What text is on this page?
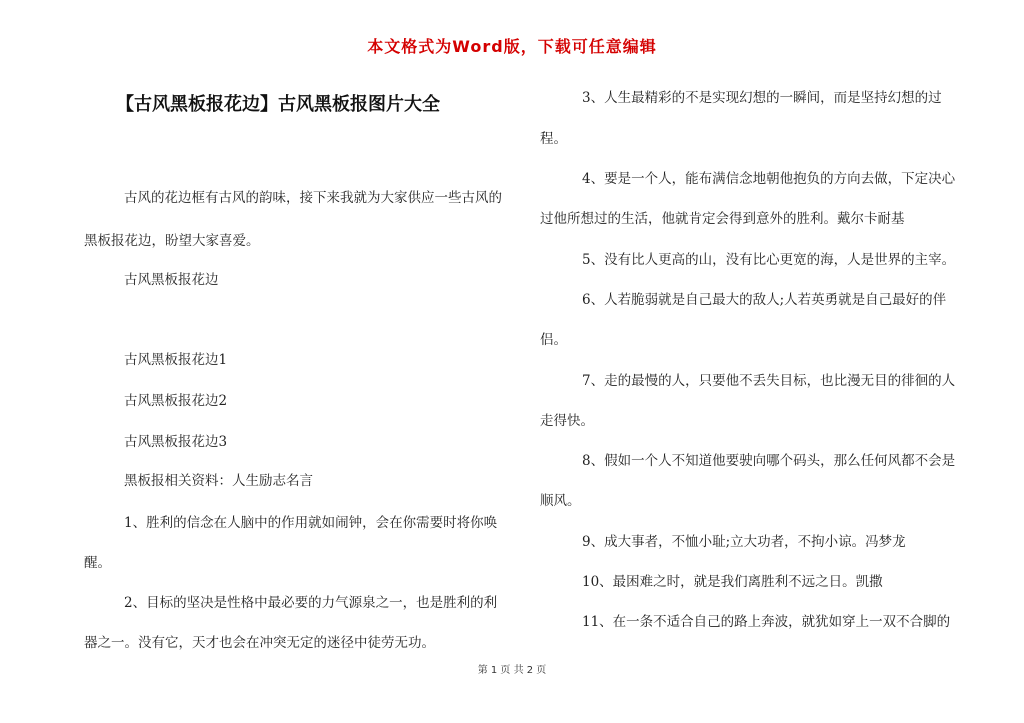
本文格式为Word版，下载可任意编辑
【古风黑板报花边】古风黑板报图片大全
古风的花边框有古风的韵味，接下来我就为大家供应一些古风的
黑板报花边，盼望大家喜爱。
古风黑板报花边
古风黑板报花边1
古风黑板报花边2
古风黑板报花边3
黑板报相关资料：人生励志名言
1、胜利的信念在人脑中的作用就如闹钟，会在你需要时将你唤
醒。
2、目标的坚决是性格中最必要的力气源泉之一，也是胜利的利
器之一。没有它，天才也会在冲突无定的迷径中徒劳无功。
3、人生最精彩的不是实现幻想的一瞬间，而是坚持幻想的过
程。
4、要是一个人，能布满信念地朝他抱负的方向去做，下定决心
过他所想过的生活，他就肯定会得到意外的胜利。戴尔卡耐基
5、没有比人更高的山，没有比心更宽的海，人是世界的主宰。
6、人若脆弱就是自己最大的敌人;人若英勇就是自己最好的伴
侣。
7、走的最慢的人，只要他不丢失目标，也比漫无目的徘徊的人
走得快。
8、假如一个人不知道他要驶向哪个码头，那么任何风都不会是
顺风。
9、成大事者，不恤小耻;立大功者，不拘小谅。冯梦龙
10、最困难之时，就是我们离胜利不远之日。凯撒
11、在一条不适合自己的路上奔波，就犹如穿上一双不合脚的
第 1 页 共 2 页
